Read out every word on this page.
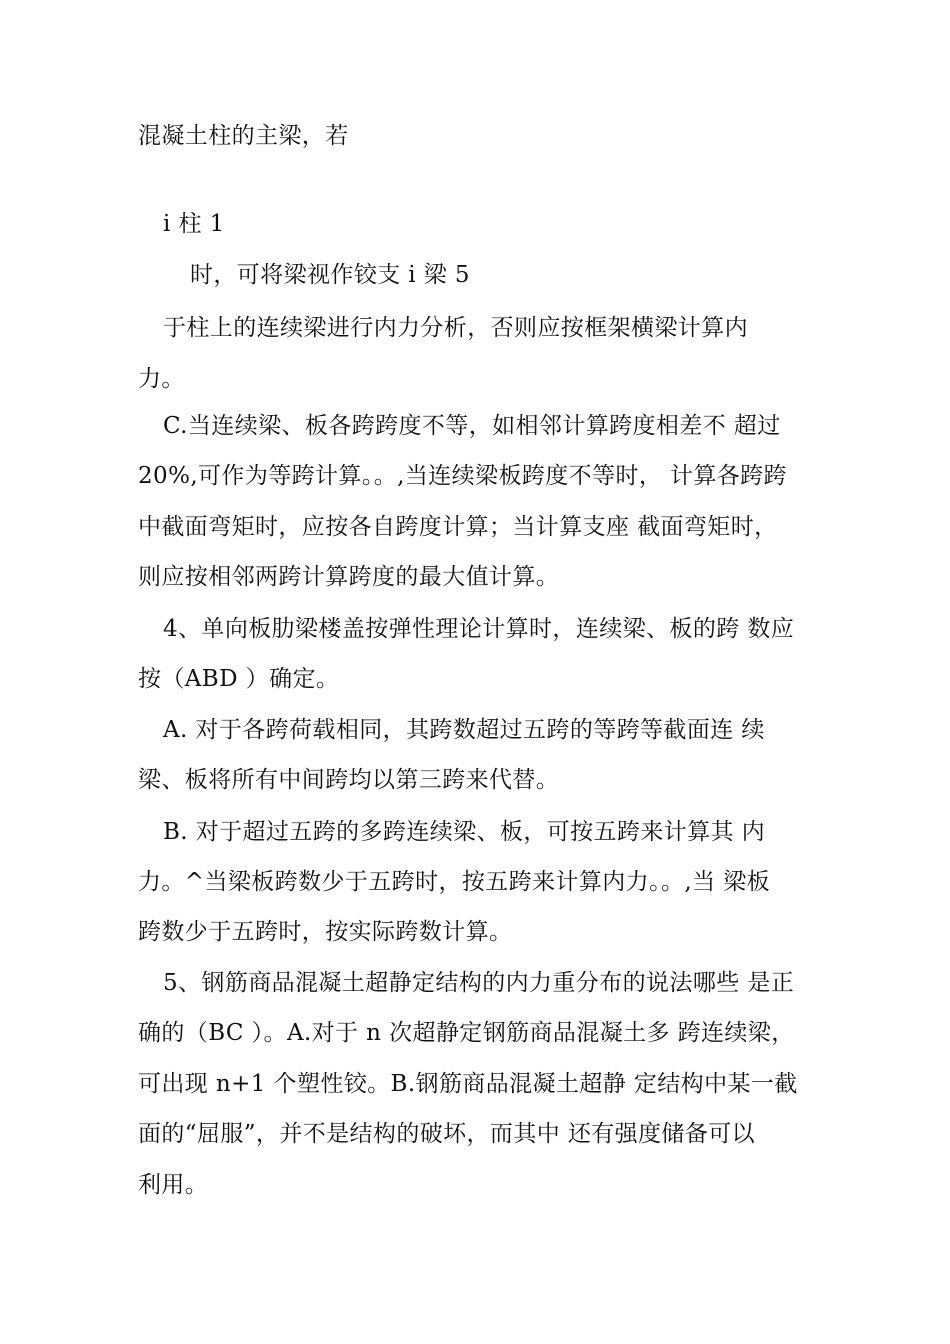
混凝土柱的主梁，若
i 柱 1
时，可将梁视作铰支 i 梁 5
于柱上的连续梁进行内力分析，否则应按框架横梁计算内
力。
C.当连续梁、板各跨跨度不等，如相邻计算跨度相差不 超过
20%,可作为等跨计算。。,当连续梁板跨度不等时， 计算各跨跨
中截面弯矩时，应按各自跨度计算；当计算支座 截面弯矩时，
则应按相邻两跨计算跨度的最大值计算。
4、单向板肋梁楼盖按弹性理论计算时，连续梁、板的跨 数应
按（ABD ）确定。
A. 对于各跨荷载相同，其跨数超过五跨的等跨等截面连 续
梁、板将所有中间跨均以第三跨来代替。
B. 对于超过五跨的多跨连续梁、板，可按五跨来计算其 内
力。^当梁板跨数少于五跨时，按五跨来计算内力。。,当 梁板
跨数少于五跨时，按实际跨数计算。
5、钢筋商品混凝土超静定结构的内力重分布的说法哪些 是正
确的（BC ）。A.对于 n 次超静定钢筋商品混凝土多 跨连续梁，
可出现 n+1 个塑性铰。B.钢筋商品混凝土超静 定结构中某一截
面的“屈服”，并不是结构的破坏，而其中 还有强度储备可以
利用。
